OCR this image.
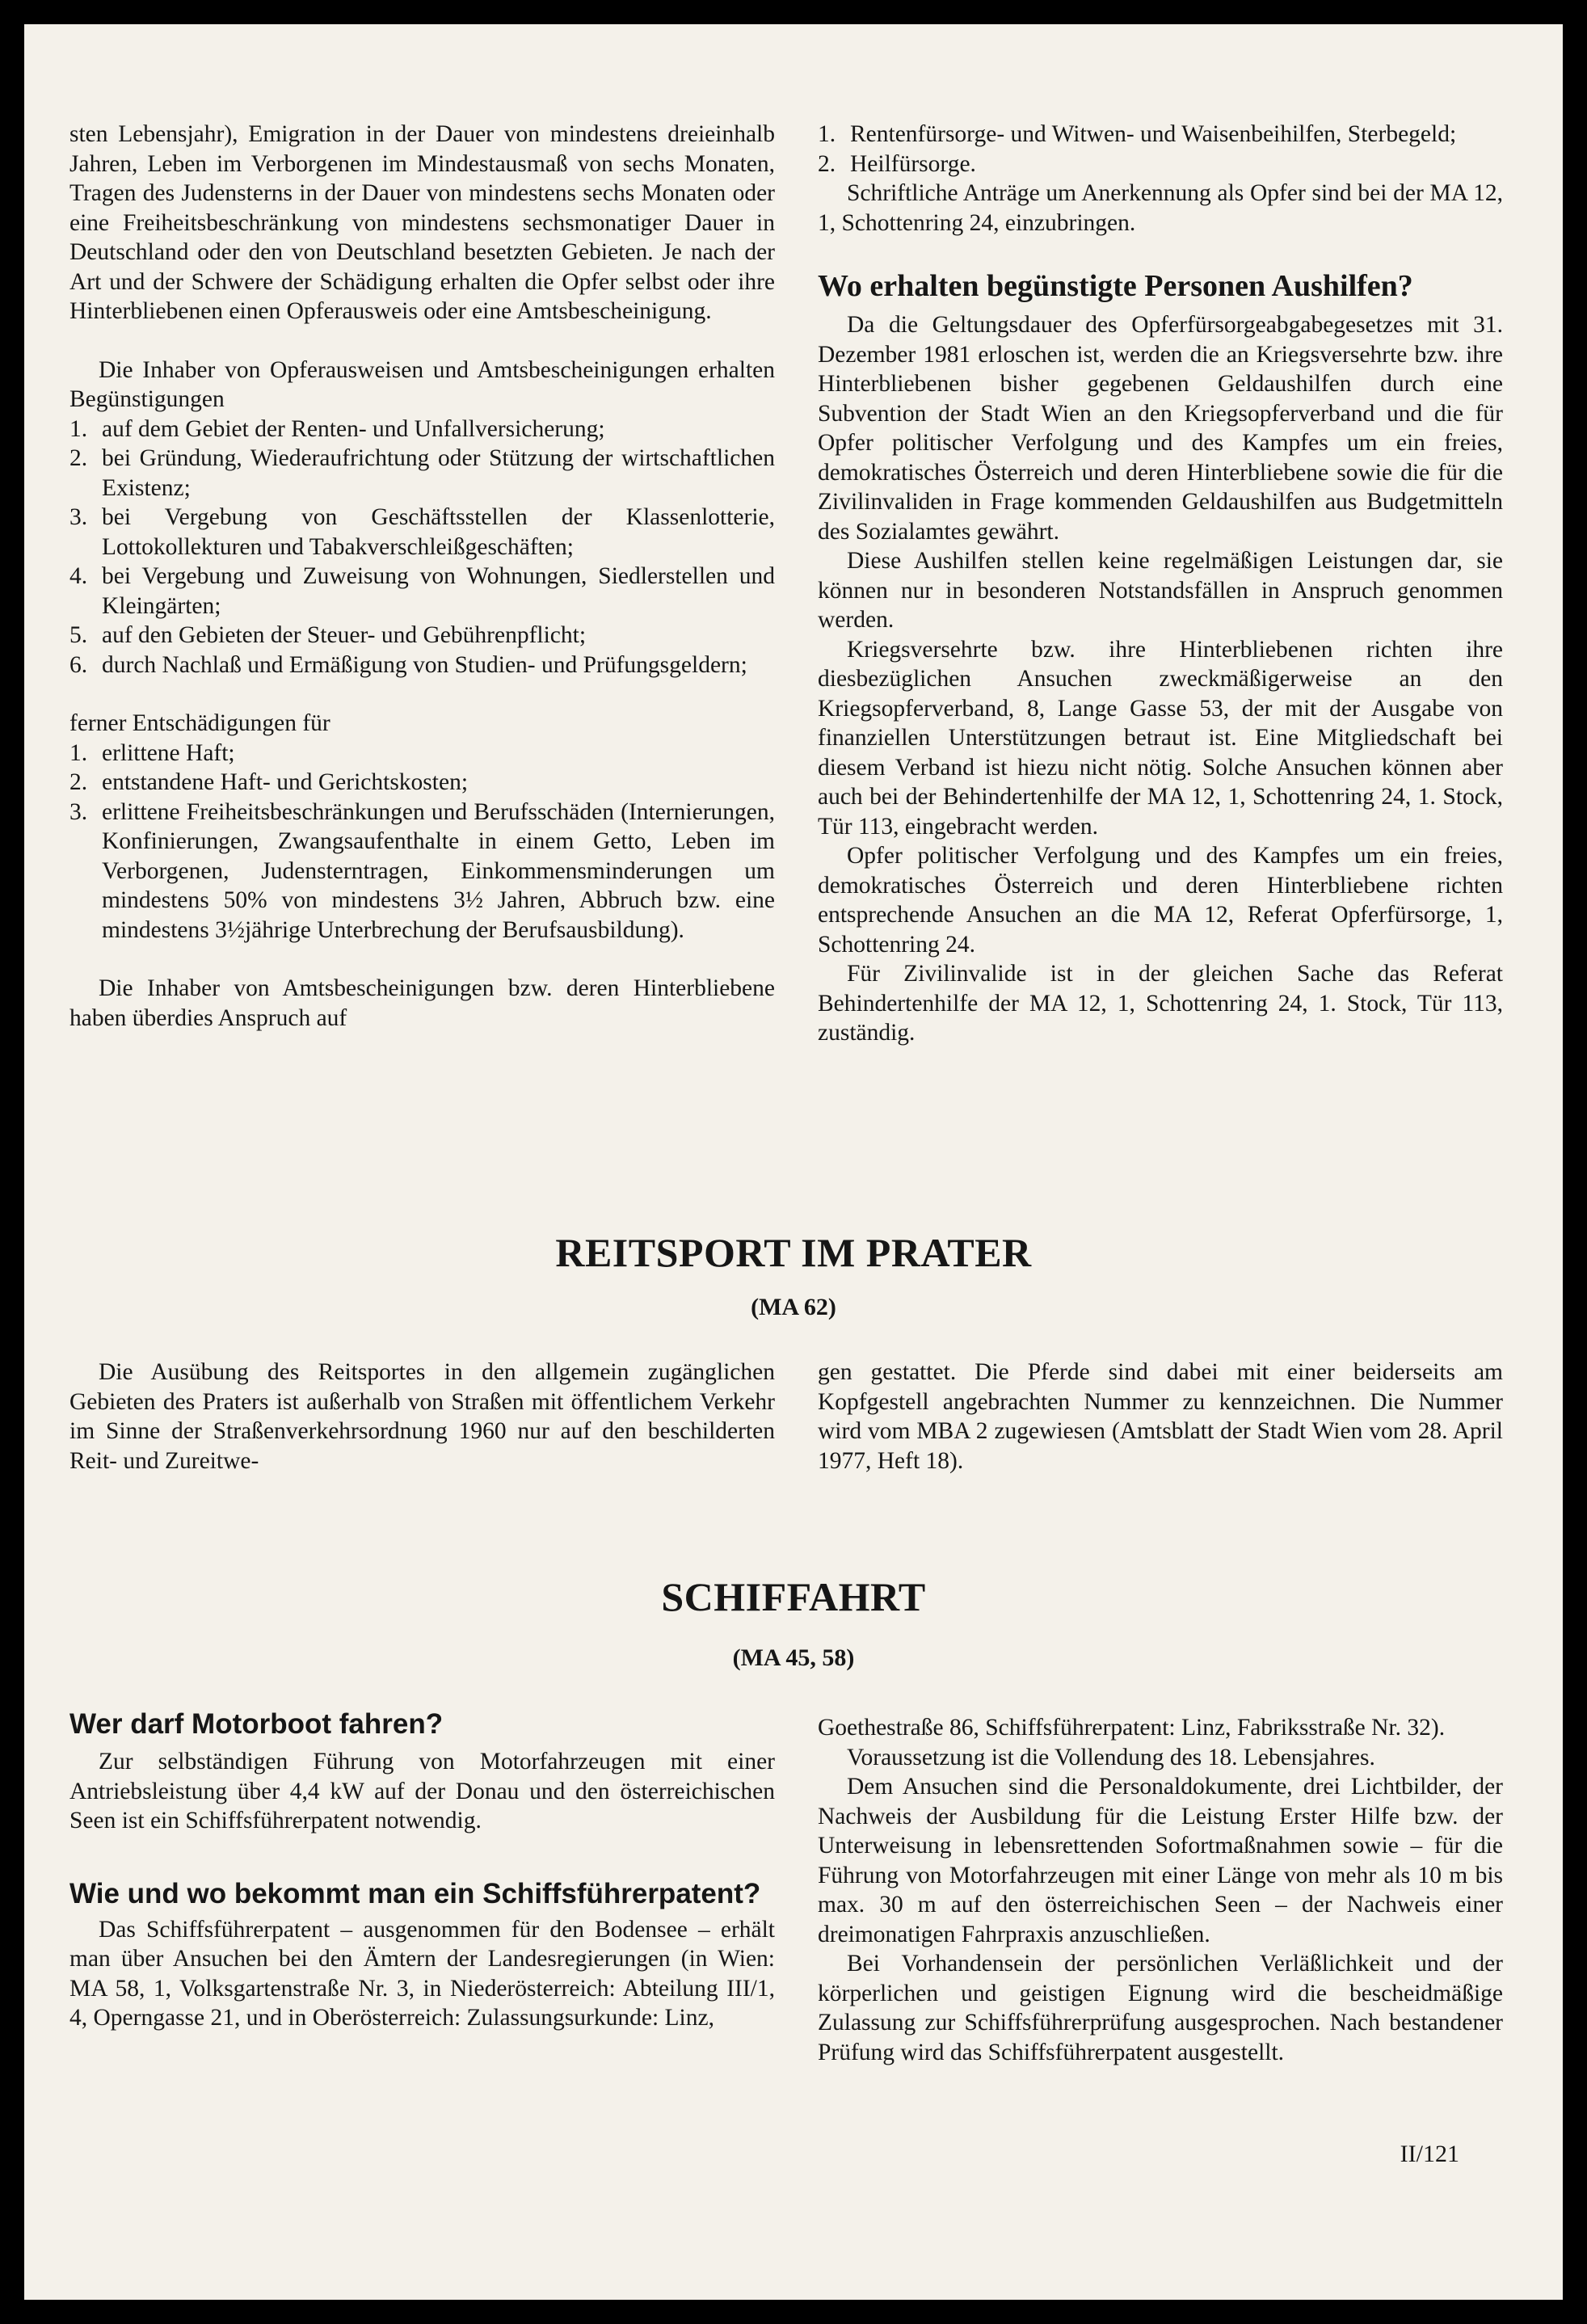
sten Lebensjahr), Emigration in der Dauer von mindestens dreieinhalb Jahren, Leben im Verborgenen im Mindestausmaß von sechs Monaten, Tragen des Judensterns in der Dauer von mindestens sechs Monaten oder eine Freiheitsbeschränkung von mindestens sechsmonatiger Dauer in Deutschland oder den von Deutschland besetzten Gebieten. Je nach der Art und der Schwere der Schädigung erhalten die Opfer selbst oder ihre Hinterbliebenen einen Opferausweis oder eine Amtsbescheinigung.

Die Inhaber von Opferausweisen und Amtsbescheinigungen erhalten Begünstigungen

1. auf dem Gebiet der Renten- und Unfallversicherung;
2. bei Gründung, Wiederaufrichtung oder Stützung der wirtschaftlichen Existenz;
3. bei Vergebung von Geschäftsstellen der Klassenlotterie, Lottokollekturen und Tabakverschleißgeschäften;
4. bei Vergebung und Zuweisung von Wohnungen, Siedlerstellen und Kleingärten;
5. auf den Gebieten der Steuer- und Gebührenpflicht;
6. durch Nachlaß und Ermäßigung von Studien- und Prüfungsgeldern;

ferner Entschädigungen für

1. erlittene Haft;
2. entstandene Haft- und Gerichtskosten;
3. erlittene Freiheitsbeschränkungen und Berufsschäden (Internierungen, Konfinierungen, Zwangsaufenthalte in einem Getto, Leben im Verborgenen, Judensterntragen, Einkommensminderungen um mindestens 50% von mindestens 3½ Jahren, Abbruch bzw. eine mindestens 3½jährige Unterbrechung der Berufsausbildung).

Die Inhaber von Amtsbescheinigungen bzw. deren Hinterbliebene haben überdies Anspruch auf

1. Rentenfürsorge- und Witwen- und Waisenbeihilfen, Sterbegeld;
2. Heilfürsorge.

Schriftliche Anträge um Anerkennung als Opfer sind bei der MA 12, 1, Schottenring 24, einzubringen.

Wo erhalten begünstigte Personen Aushilfen?

Da die Geltungsdauer des Opferfürsorgeabgabegesetzes mit 31. Dezember 1981 erloschen ist, werden die an Kriegsversehrte bzw. ihre Hinterbliebenen bisher gegebenen Geldaushilfen durch eine Subvention der Stadt Wien an den Kriegsopferverband und die für Opfer politischer Verfolgung und des Kampfes um ein freies, demokratisches Österreich und deren Hinterbliebene sowie die für die Zivilinvaliden in Frage kommenden Geldaushilfen aus Budgetmitteln des Sozialamtes gewährt.

Diese Aushilfen stellen keine regelmäßigen Leistungen dar, sie können nur in besonderen Notstandsfällen in Anspruch genommen werden.

Kriegsversehrte bzw. ihre Hinterbliebenen richten ihre diesbezüglichen Ansuchen zweckmäßigerweise an den Kriegsopferverband, 8, Lange Gasse 53, der mit der Ausgabe von finanziellen Unterstützungen betraut ist. Eine Mitgliedschaft bei diesem Verband ist hiezu nicht nötig. Solche Ansuchen können aber auch bei der Behindertenhilfe der MA 12, 1, Schottenring 24, 1. Stock, Tür 113, eingebracht werden.

Opfer politischer Verfolgung und des Kampfes um ein freies, demokratisches Österreich und deren Hinterbliebene richten entsprechende Ansuchen an die MA 12, Referat Opferfürsorge, 1, Schottenring 24.

Für Zivilinvalide ist in der gleichen Sache das Referat Behindertenhilfe der MA 12, 1, Schottenring 24, 1. Stock, Tür 113, zuständig.

REITSPORT IM PRATER
(MA 62)

Die Ausübung des Reitsportes in den allgemein zugänglichen Gebieten des Praters ist außerhalb von Straßen mit öffentlichem Verkehr im Sinne der Straßenverkehrsordnung 1960 nur auf den beschilderten Reit- und Zureitwe-

gen gestattet. Die Pferde sind dabei mit einer beiderseits am Kopfgestell angebrachten Nummer zu kennzeichnen. Die Nummer wird vom MBA 2 zugewiesen (Amtsblatt der Stadt Wien vom 28. April 1977, Heft 18).

SCHIFFAHRT
(MA 45, 58)
Wer darf Motorboot fahren?

Zur selbständigen Führung von Motorfahrzeugen mit einer Antriebsleistung über 4,4 kW auf der Donau und den österreichischen Seen ist ein Schiffsführerpatent notwendig.

Wie und wo bekommt man ein Schiffsführerpatent?

Das Schiffsführerpatent – ausgenommen für den Bodensee – erhält man über Ansuchen bei den Ämtern der Landesregierungen (in Wien: MA 58, 1, Volksgartenstraße Nr. 3, in Niederösterreich: Abteilung III/1, 4, Operngasse 21, und in Oberösterreich: Zulassungsurkunde: Linz,

Goethestraße 86, Schiffsführerpatent: Linz, Fabriksstraße Nr. 32).

Voraussetzung ist die Vollendung des 18. Lebensjahres.

Dem Ansuchen sind die Personaldokumente, drei Lichtbilder, der Nachweis der Ausbildung für die Leistung Erster Hilfe bzw. der Unterweisung in lebensrettenden Sofortmaßnahmen sowie – für die Führung von Motorfahrzeugen mit einer Länge von mehr als 10 m bis max. 30 m auf den österreichischen Seen – der Nachweis einer dreimonatigen Fahrpraxis anzuschließen.

Bei Vorhandensein der persönlichen Verläßlichkeit und der körperlichen und geistigen Eignung wird die bescheidmäßige Zulassung zur Schiffsführerprüfung ausgesprochen. Nach bestandener Prüfung wird das Schiffsführerpatent ausgestellt.

II/121
